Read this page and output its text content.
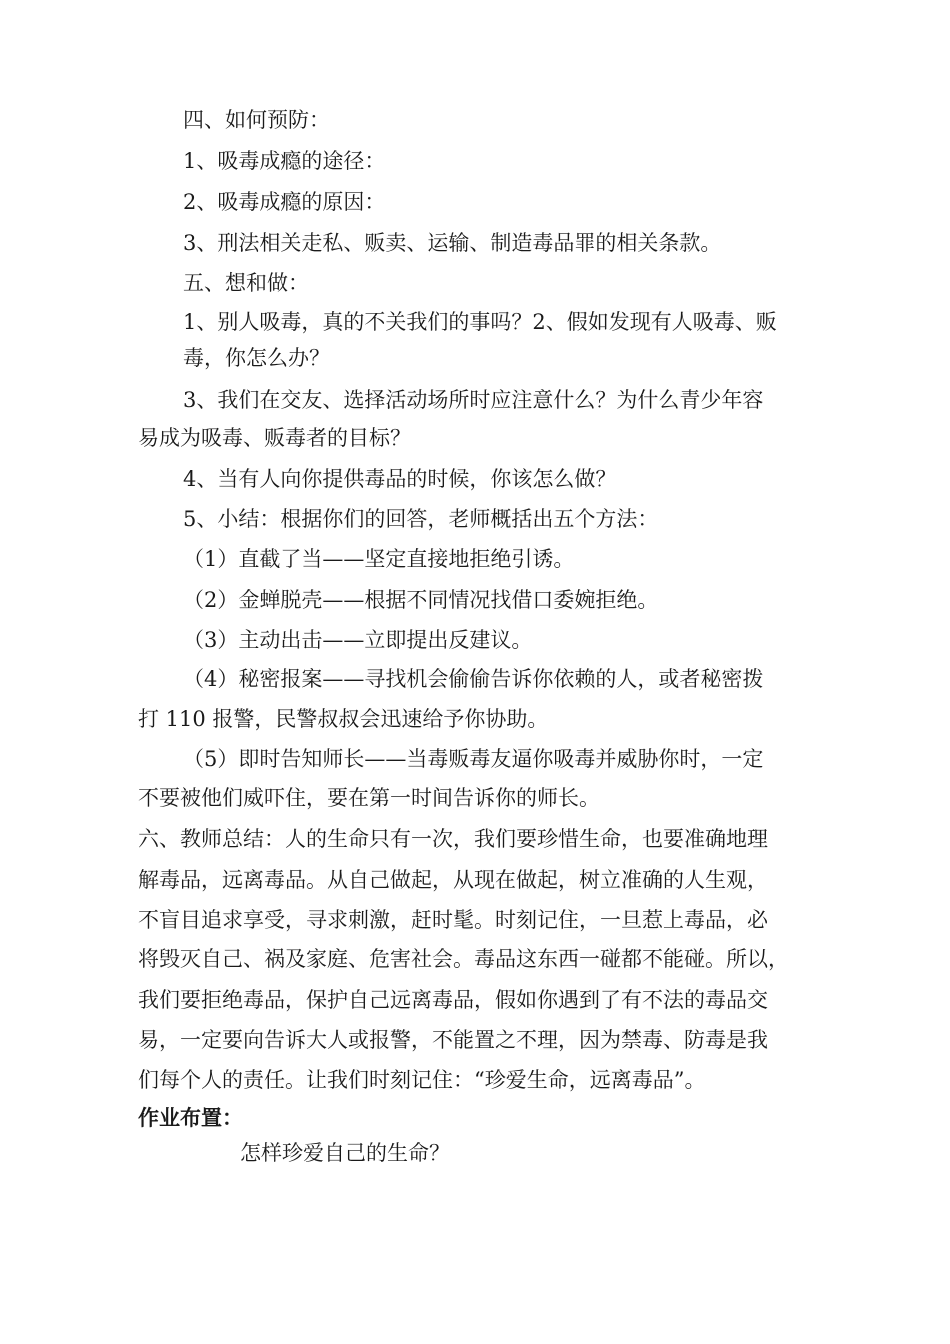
四、如何预防：
1、吸毒成瘾的途径：
2、吸毒成瘾的原因：
3、刑法相关走私、贩卖、运输、制造毒品罪的相关条款。
五、想和做：
1、别人吸毒，真的不关我们的事吗？2、假如发现有人吸毒、贩
毒，你怎么办？
3、我们在交友、选择活动场所时应注意什么？为什么青少年容
易成为吸毒、贩毒者的目标？
4、当有人向你提供毒品的时候，你该怎么做？
5、小结：根据你们的回答，老师概括出五个方法：
（1）直截了当——坚定直接地拒绝引诱。
（2）金蝉脱壳——根据不同情况找借口委婉拒绝。
（3）主动出击——立即提出反建议。
（4）秘密报案——寻找机会偷偷告诉你依赖的人，或者秘密拨
打 110 报警，民警叔叔会迅速给予你协助。
（5）即时告知师长——当毒贩毒友逼你吸毒并威胁你时，一定
不要被他们威吓住，要在第一时间告诉你的师长。
六、教师总结：人的生命只有一次，我们要珍惜生命，也要准确地理
解毒品，远离毒品。从自己做起，从现在做起，树立准确的人生观，
不盲目追求享受，寻求刺激，赶时髦。时刻记住，一旦惹上毒品，必
将毁灭自己、祸及家庭、危害社会。毒品这东西一碰都不能碰。所以，
我们要拒绝毒品，保护自己远离毒品，假如你遇到了有不法的毒品交
易，一定要向告诉大人或报警，不能置之不理，因为禁毒、防毒是我
们每个人的责任。让我们时刻记住：“珍爱生命，远离毒品”。
作业布置：
怎样珍爱自己的生命？
